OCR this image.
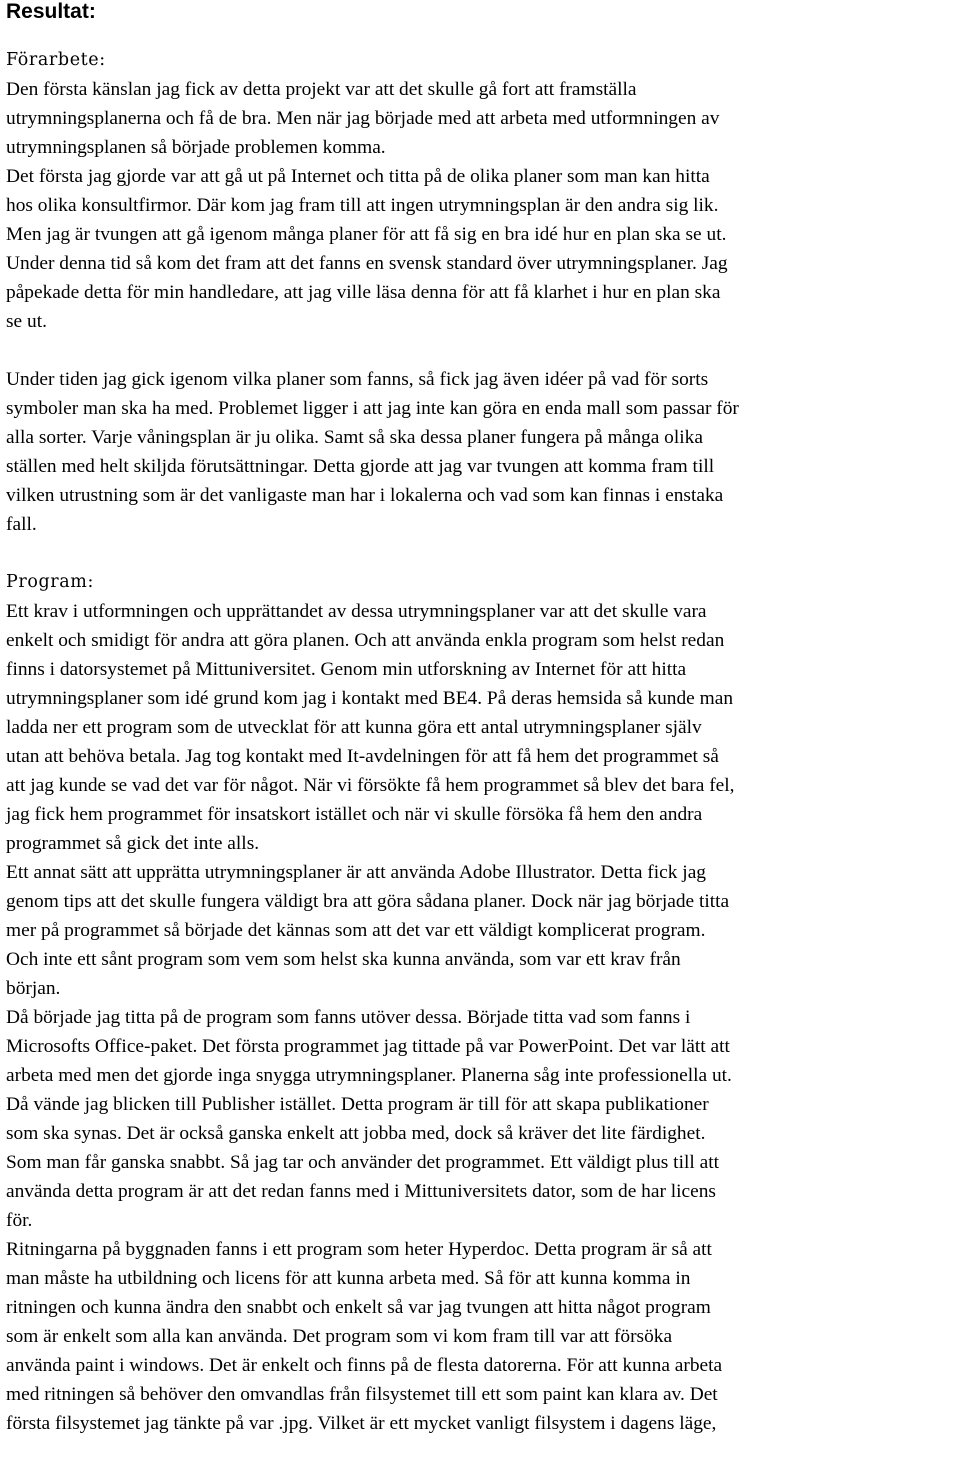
Resultat:

Förarbete:

Den första känslan jag fick av detta projekt var att det skulle gå fort att framställa
utrymningsplanerna och få de bra. Men när jag började med att arbeta med utformningen av
utrymningsplanen så började problemen komma.
Det första jag gjorde var att gå ut på Internet och titta på de olika planer som man kan hitta
hos olika konsultfirmor. Där kom jag fram till att ingen utrymningsplan är den andra sig lik.
Men jag är tvungen att gå igenom många planer för att få sig en bra idé hur en plan ska se ut.
Under denna tid så kom det fram att det fanns en svensk standard över utrymningsplaner. Jag
påpekade detta för min handledare, att jag ville läsa denna för att få klarhet i hur en plan ska
se ut.

Under tiden jag gick igenom vilka planer som fanns, så fick jag även idéer på vad för sorts
symboler man ska ha med. Problemet ligger i att jag inte kan göra en enda mall som passar för
alla sorter. Varje våningsplan är ju olika. Samt så ska dessa planer fungera på många olika
ställen med helt skiljda förutsättningar. Detta gjorde att jag var tvungen att komma fram till
vilken utrustning som är det vanligaste man har i lokalerna och vad som kan finnas i enstaka
fall.

Program:

Ett krav i utformningen och upprättandet av dessa utrymningsplaner var att det skulle vara
enkelt och smidigt för andra att göra planen. Och att använda enkla program som helst redan
finns i datorsystemet på Mittuniversitet. Genom min utforskning av Internet för att hitta
utrymningsplaner som idé grund kom jag i kontakt med BE4. På deras hemsida så kunde man
ladda ner ett program som de utvecklat för att kunna göra ett antal utrymningsplaner själv
utan att behöva betala. Jag tog kontakt med It-avdelningen för att få hem det programmet så
att jag kunde se vad det var för något. När vi försökte få hem programmet så blev det bara fel,
jag fick hem programmet för insatskort istället och när vi skulle försöka få hem den andra
programmet så gick det inte alls.
Ett annat sätt att upprätta utrymningsplaner är att använda Adobe Illustrator. Detta fick jag
genom tips att det skulle fungera väldigt bra att göra sådana planer. Dock när jag började titta
mer på programmet så började det kännas som att det var ett väldigt komplicerat program.
Och inte ett sånt program som vem som helst ska kunna använda, som var ett krav från
början.
Då började jag titta på de program som fanns utöver dessa. Började titta vad som fanns i
Microsofts Office-paket. Det första programmet jag tittade på var PowerPoint. Det var lätt att
arbeta med men det gjorde inga snygga utrymningsplaner. Planerna såg inte professionella ut.
Då vände jag blicken till Publisher istället. Detta program är till för att skapa publikationer
som ska synas. Det är också ganska enkelt att jobba med, dock så kräver det lite färdighet.
Som man får ganska snabbt. Så jag tar och använder det programmet. Ett väldigt plus till att
använda detta program är att det redan fanns med i Mittuniversitets dator, som de har licens
för.
Ritningarna på byggnaden fanns i ett program som heter Hyperdoc. Detta program är så att
man måste ha utbildning och licens för att kunna arbeta med. Så för att kunna komma in
ritningen och kunna ändra den snabbt och enkelt så var jag tvungen att hitta något program
som är enkelt som alla kan använda. Det program som vi kom fram till var att försöka
använda paint i windows. Det är enkelt och finns på de flesta datorerna. För att kunna arbeta
med ritningen så behöver den omvandlas från filsystemet till ett som paint kan klara av. Det
första filsystemet jag tänkte på var .jpg. Vilket är ett mycket vanligt filsystem i dagens läge,
